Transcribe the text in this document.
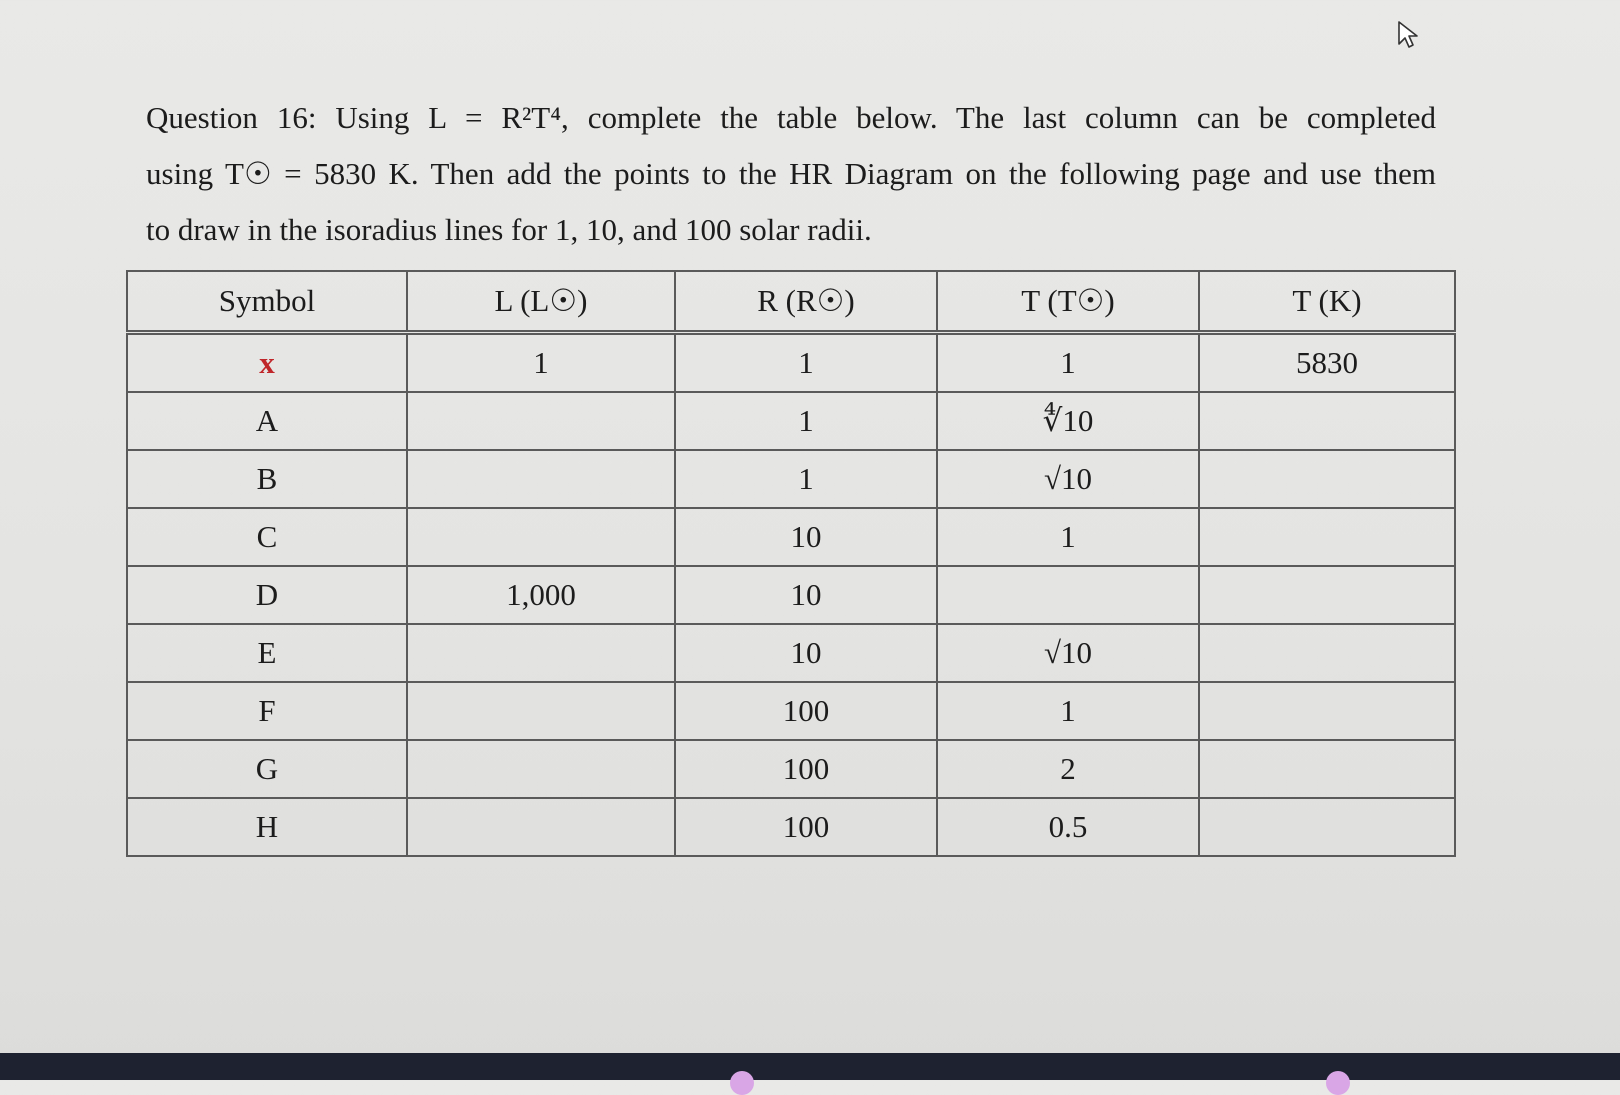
Question 16: Using L = R²T⁴, complete the table below. The last column can be completed
using T☉ = 5830 K. Then add the points to the HR Diagram on the following page and use them
to draw in the isoradius lines for 1, 10, and 100 solar radii.
Symbol	L (L☉)	R (R☉)	T (T☉)	T (K)
x	1	1	1	5830
A		1	∜10	
B		1	√10	
C		10	1	
D	1,000	10		
E		10	√10	
F		100	1	
G		100	2	
H		100	0.5	
